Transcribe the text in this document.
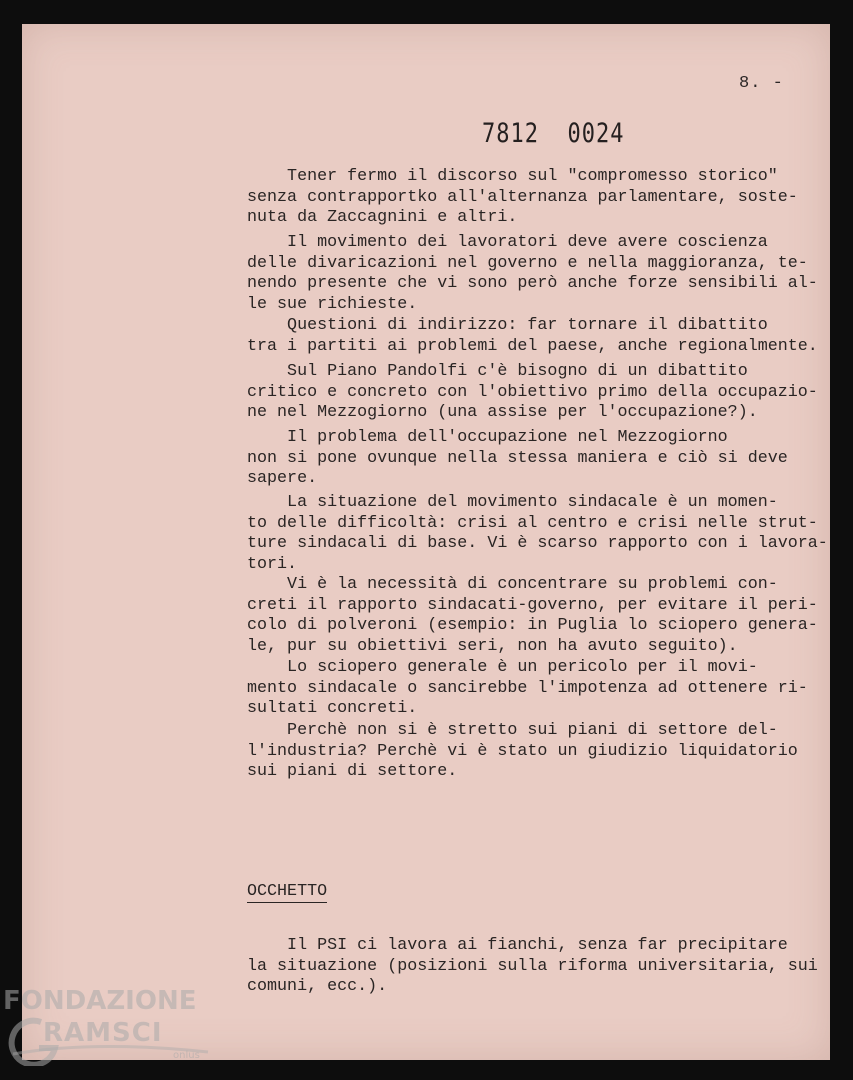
8. -
7812  0024

Tener fermo il discorso sul "compromesso storico"
senza contrapportko all'alternanza parlamentare, soste-
nuta da Zaccagnini e altri.

Il movimento dei lavoratori deve avere coscienza
delle divaricazioni nel governo e nella maggioranza, te-
nendo presente che vi sono però anche forze sensibili al-
le sue richieste.

Questioni di indirizzo: far tornare il dibattito
tra i partiti ai problemi del paese, anche regionalmente.

Sul Piano Pandolfi c'è bisogno di un dibattito
critico e concreto con l'obiettivo primo della occupazio-
ne nel Mezzogiorno (una assise per l'occupazione?).

Il problema dell'occupazione nel Mezzogiorno
non si pone ovunque nella stessa maniera e ciò si deve
sapere.

La situazione del movimento sindacale è un momen-
to delle difficoltà: crisi al centro e crisi nelle strut-
ture sindacali di base. Vi è scarso rapporto con i lavora-
tori.

Vi è la necessità di concentrare su problemi con-
creti il rapporto sindacati-governo, per evitare il peri-
colo di polveroni (esempio: in Puglia lo sciopero genera-
le, pur su obiettivi seri, non ha avuto seguito).

Lo sciopero generale è un pericolo per il movi-
mento sindacale o sancirebbe l'impotenza ad ottenere ri-
sultati concreti.

Perchè non si è stretto sui piani di settore del-
l'industria? Perchè vi è stato un giudizio liquidatorio
sui piani di settore.

OCCHETTO

Il PSI ci lavora ai fianchi, senza far precipitare
la situazione (posizioni sulla riforma universitaria, sui
comuni, ecc.).

FONDAZIONE
RAMSCI
onlus
